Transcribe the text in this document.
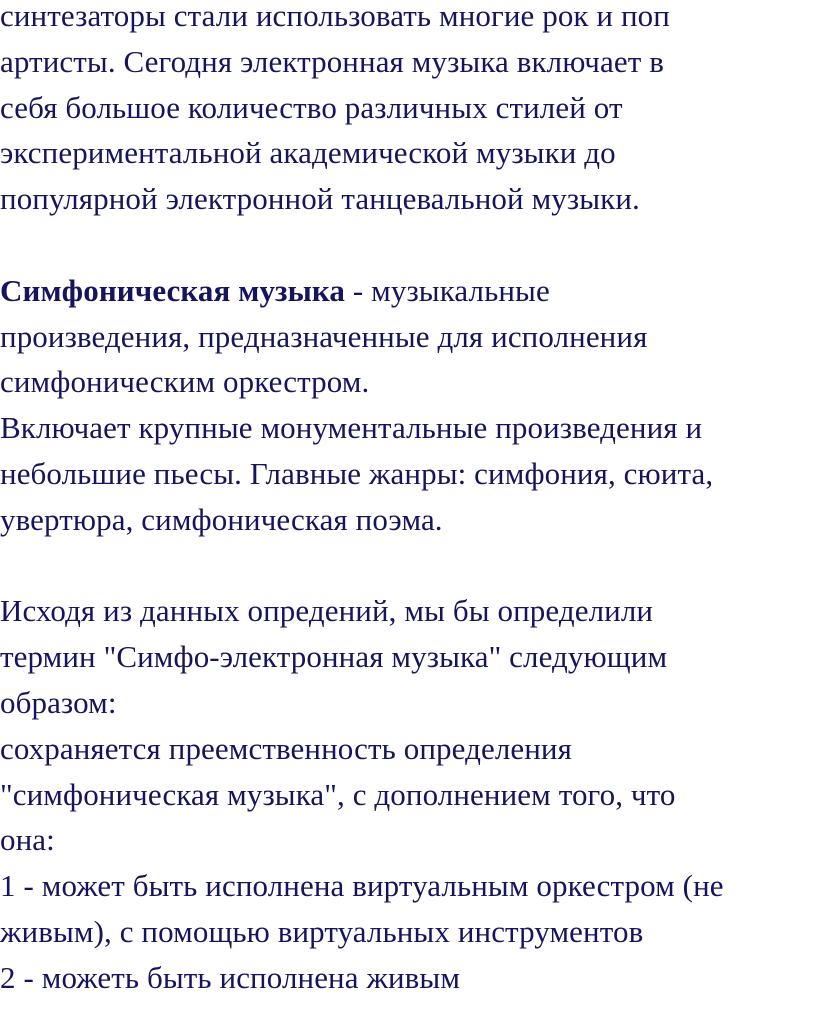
синтезаторы стали использовать многие рок и поп
артисты. Сегодня электронная музыка включает в
себя большое количество различных стилей от
экспериментальной академической музыки до
популярной электронной танцевальной музыки.
Симфоническая музыка - музыкальные
произведения, предназначенные для исполнения
симфоническим оркестром.
Включает крупные монументальные произведения и
небольшие пьесы. Главные жанры: симфония, сюита,
увертюра, симфоническая поэма.
Исходя из данных опредений, мы бы определили
термин "Симфо-электронная музыка" следующим
образом:
сохраняется преемственность определения
"симфоническая музыка", с дополнением того, что
она:
1 - может быть исполнена виртуальным оркестром (не
живым), с помощью виртуальных инструментов
2 - можеть быть исполнена живым
